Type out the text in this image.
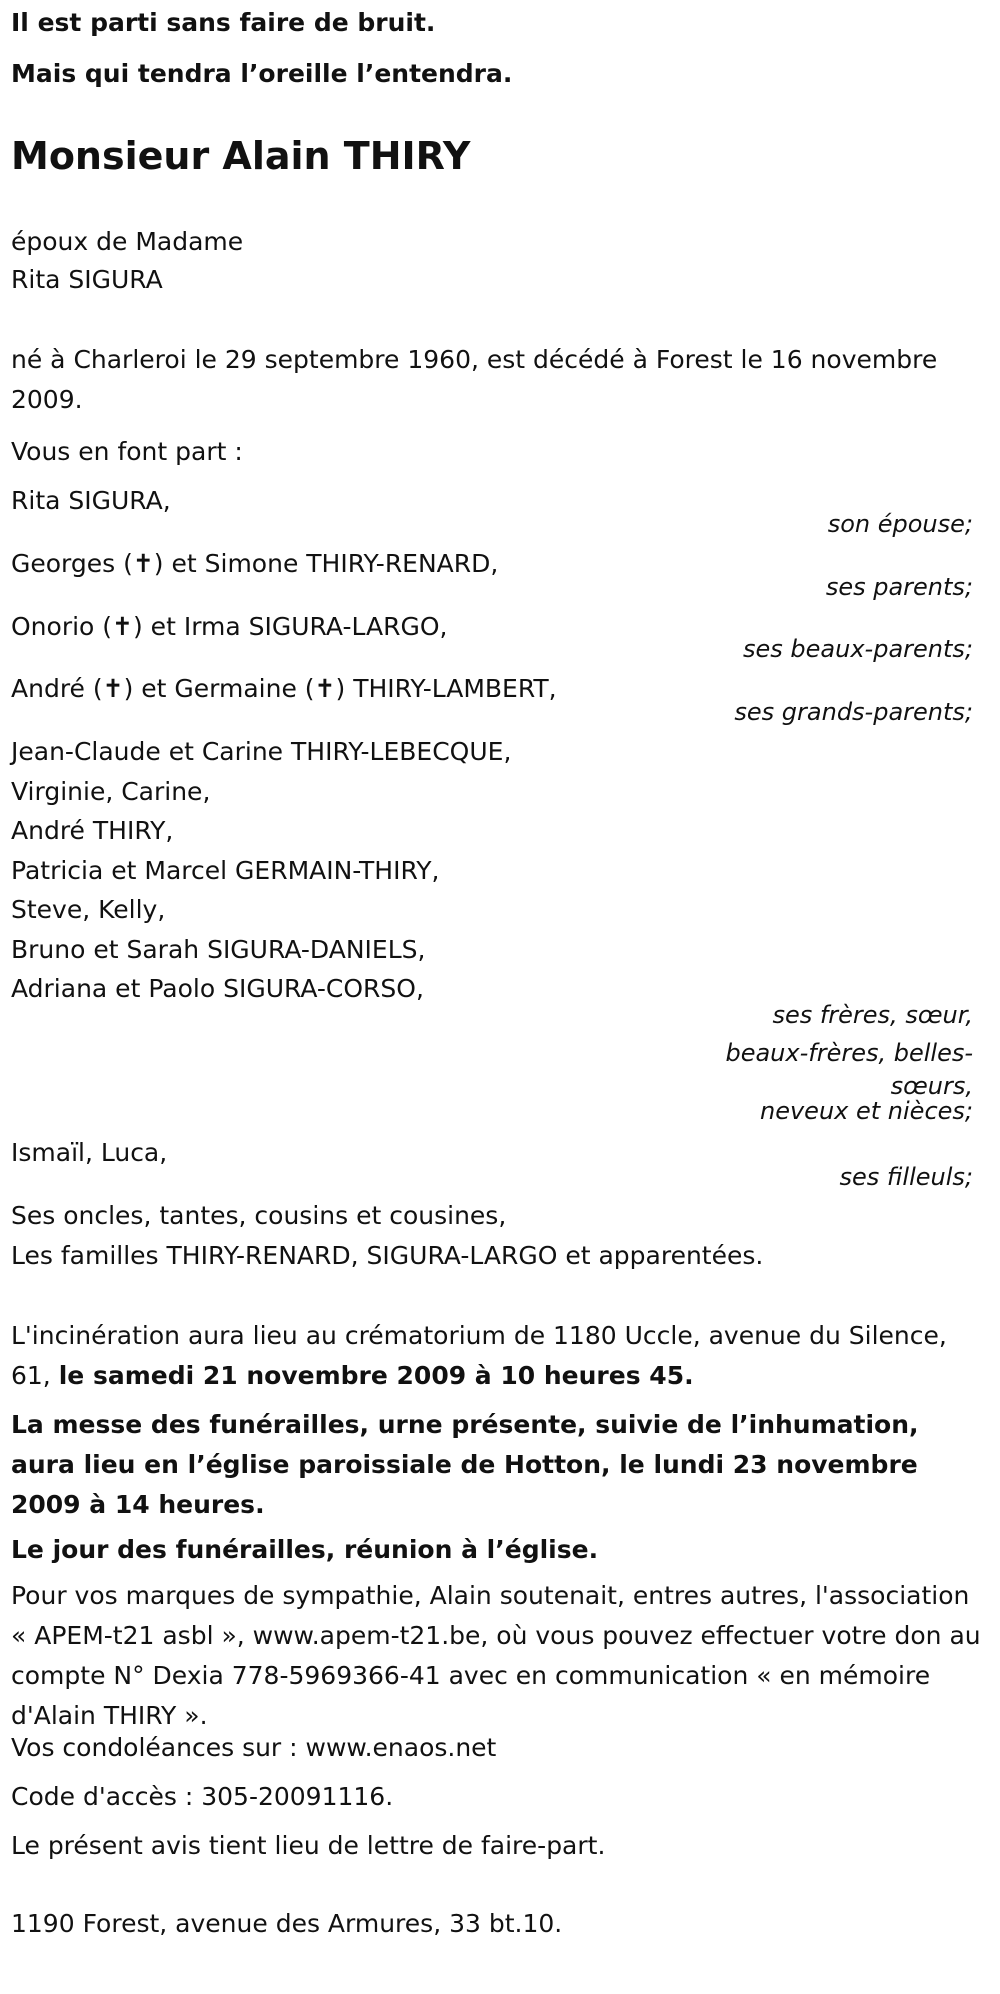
Il est parti sans faire de bruit.
Mais qui tendra l’oreille l’entendra.
Monsieur Alain THIRY
époux de Madame
Rita SIGURA
né à Charleroi le 29 septembre 1960, est décédé à Forest le 16 novembre 2009.
Vous en font part :
Rita SIGURA,
son épouse;
Georges (✝) et Simone THIRY-RENARD,
ses parents;
Onorio (✝) et Irma SIGURA-LARGO,
ses beaux-parents;
André (✝) et Germaine (✝) THIRY-LAMBERT,
ses grands-parents;
Jean-Claude et Carine THIRY-LEBECQUE,
Virginie, Carine,
André THIRY,
Patricia et Marcel GERMAIN-THIRY,
Steve, Kelly,
Bruno et Sarah SIGURA-DANIELS,
Adriana et Paolo SIGURA-CORSO,
ses frères, sœur,
beaux-frères, belles-
sœurs,
neveux et nièces;
Ismaïl, Luca,
ses filleuls;
Ses oncles, tantes, cousins et cousines,
Les familles THIRY-RENARD, SIGURA-LARGO et apparentées.
L'incinération aura lieu au crématorium de 1180 Uccle, avenue du Silence, 61, le samedi 21 novembre 2009 à 10 heures 45.
La messe des funérailles, urne présente, suivie de l’inhumation, aura lieu en l’église paroissiale de Hotton, le lundi 23 novembre 2009 à 14 heures.
Le jour des funérailles, réunion à l’église.
Pour vos marques de sympathie, Alain soutenait, entres autres, l'association « APEM-t21 asbl », www.apem-t21.be, où vous pouvez effectuer votre don au compte N° Dexia 778-5969366-41 avec en communication « en mémoire d'Alain THIRY ».
Vos condoléances sur : www.enaos.net
Code d'accès : 305-20091116.
Le présent avis tient lieu de lettre de faire-part.
1190 Forest, avenue des Armures, 33 bt.10.
